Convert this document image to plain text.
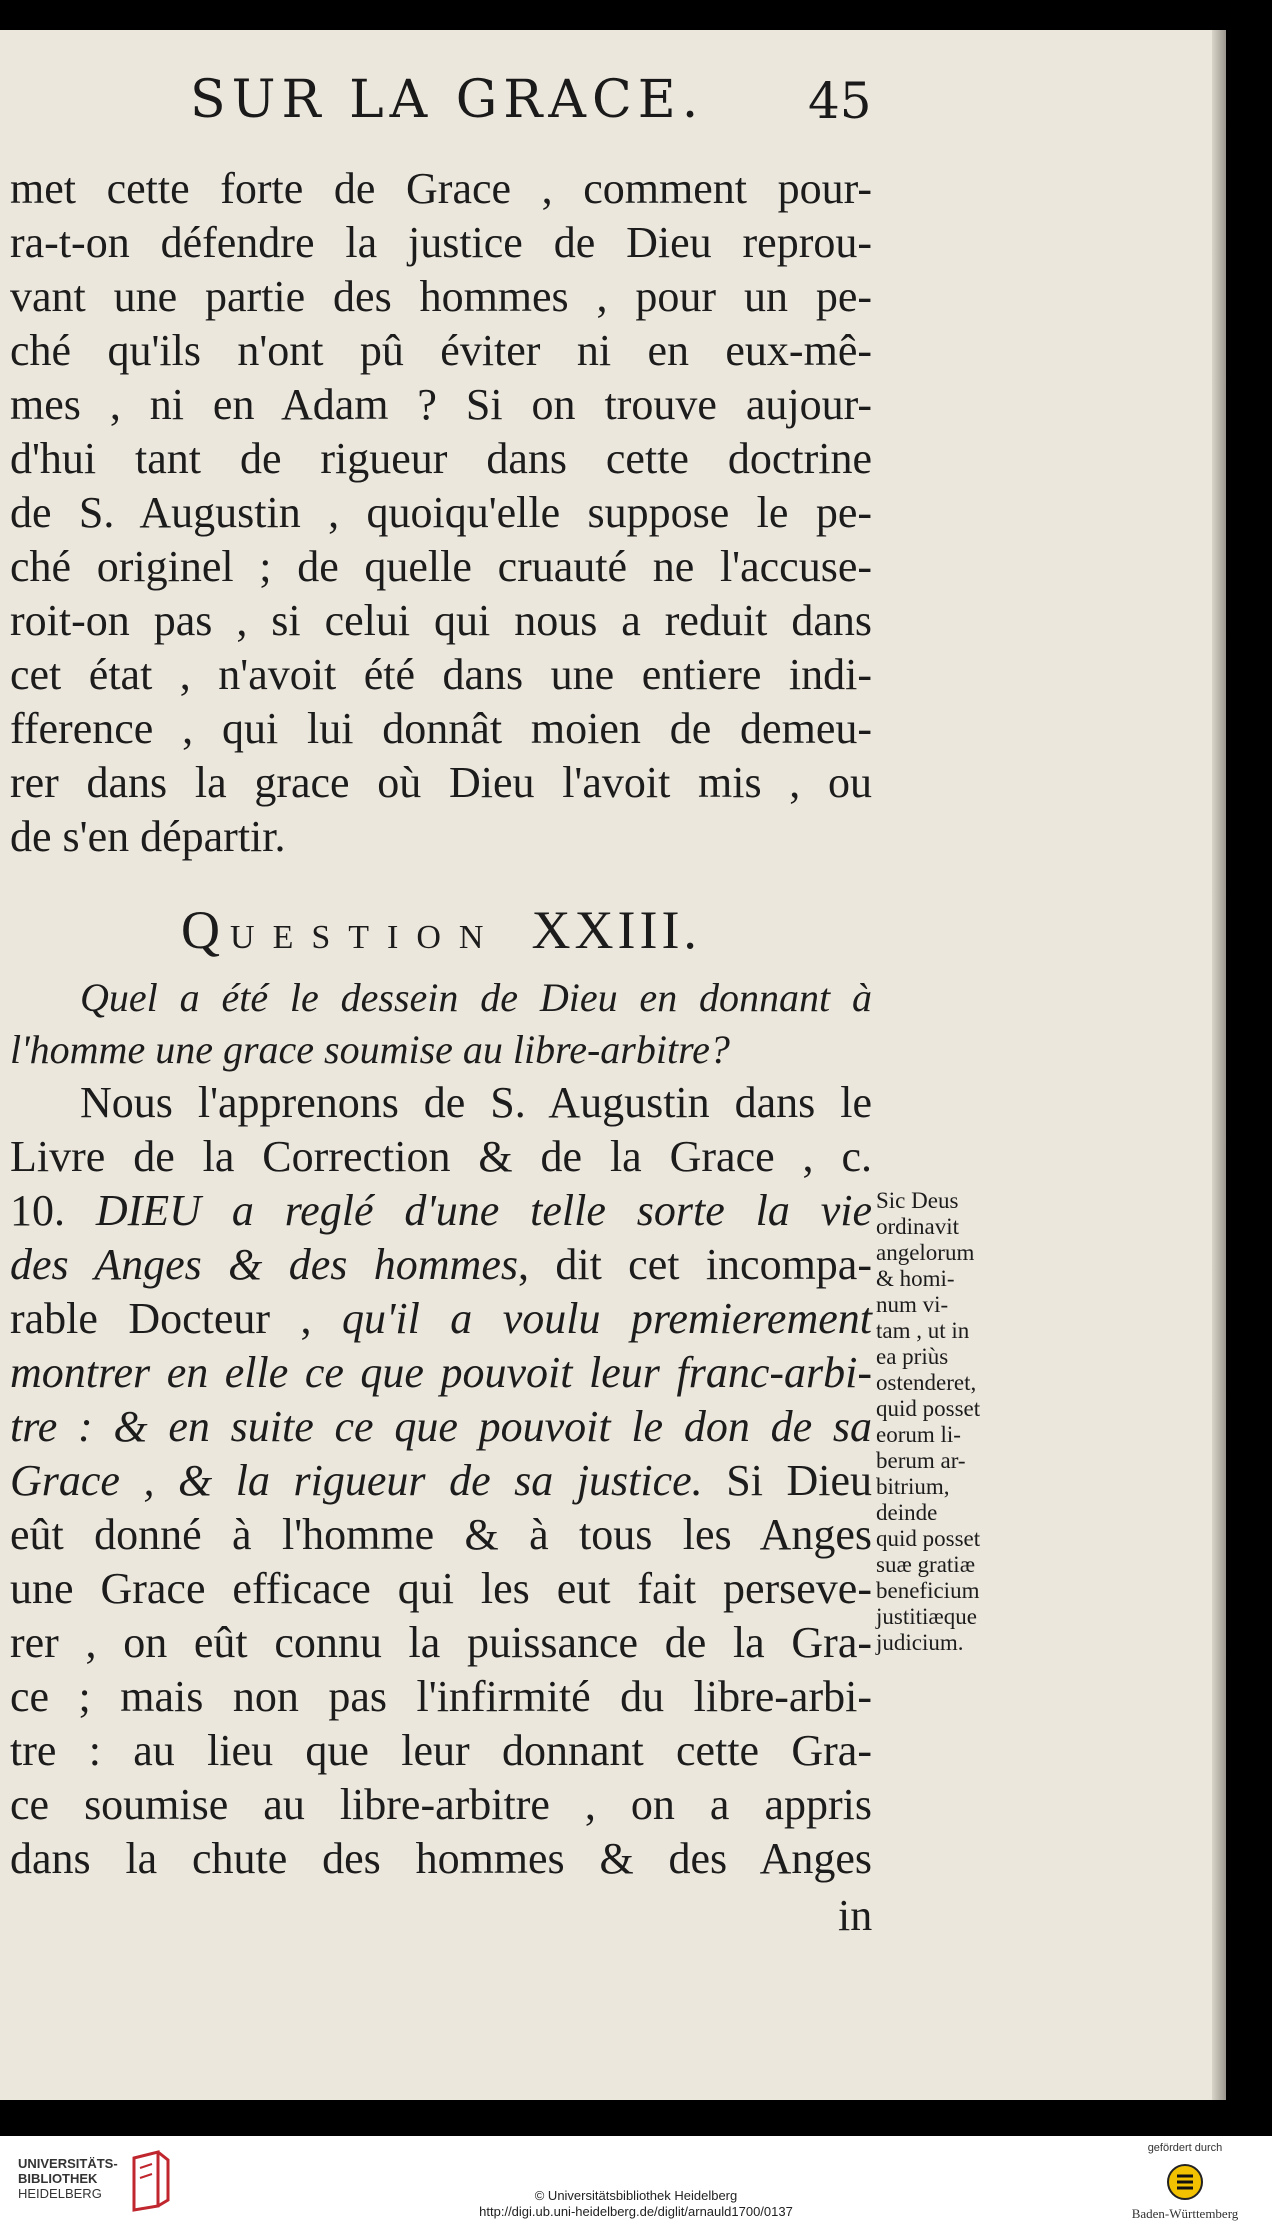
SUR LA GRACE. 45
met cette forte de Grace , comment pour-
ra-t-on défendre la justice de Dieu reprou-
vant une partie des hommes , pour un pe-
ché qu'ils n'ont pû éviter ni en eux-mê-
mes , ni en Adam ? Si on trouve aujour-
d'hui tant de rigueur dans cette doctrine
de S. Augustin , quoiqu'elle suppose le pe-
ché originel ; de quelle cruauté ne l'accuse-
roit-on pas , si celui qui nous a reduit dans
cet état , n'avoit été dans une entiere indi-
fference , qui lui donnât moien de demeu-
rer dans la grace où Dieu l'avoit mis , ou
de s'en départir.
QUESTION XXIII.
Quel a été le dessein de Dieu en donnant à
l'homme une grace soumise au libre-arbitre?
Nous l'apprenons de S. Augustin dans le
Livre de la Correction & de la Grace , c.
10. DIEU a reglé d'une telle sorte la vie
des Anges & des hommes, dit cet incompa-
rable Docteur , qu'il a voulu premierement
montrer en elle ce que pouvoit leur franc-arbi-
tre : & en suite ce que pouvoit le don de sa
Grace , & la rigueur de sa justice. Si Dieu
eût donné à l'homme & à tous les Anges
une Grace efficace qui les eut fait perseve-
rer , on eût connu la puissance de la Gra-
ce ; mais non pas l'infirmité du libre-arbi-
tre : au lieu que leur donnant cette Gra-
ce soumise au libre-arbitre , on a appris
dans la chute des hommes & des Anges
Sic Deus
ordinavit
angelorum
& homi-
num vi-
tam , ut in
ea priùs
ostenderet,
quid posset
eorum li-
berum ar-
bitrium,
deinde
quid posset
suæ gratiæ
beneficium
justitiæque
judicium.
in
UNIVERSITÄTS-
BIBLIOTHEK
HEIDELBERG	© Universitätsbibliothek Heidelberg
http://digi.ub.uni-heidelberg.de/diglit/arnauld1700/0137
gefördert durch
Baden-Württemberg
